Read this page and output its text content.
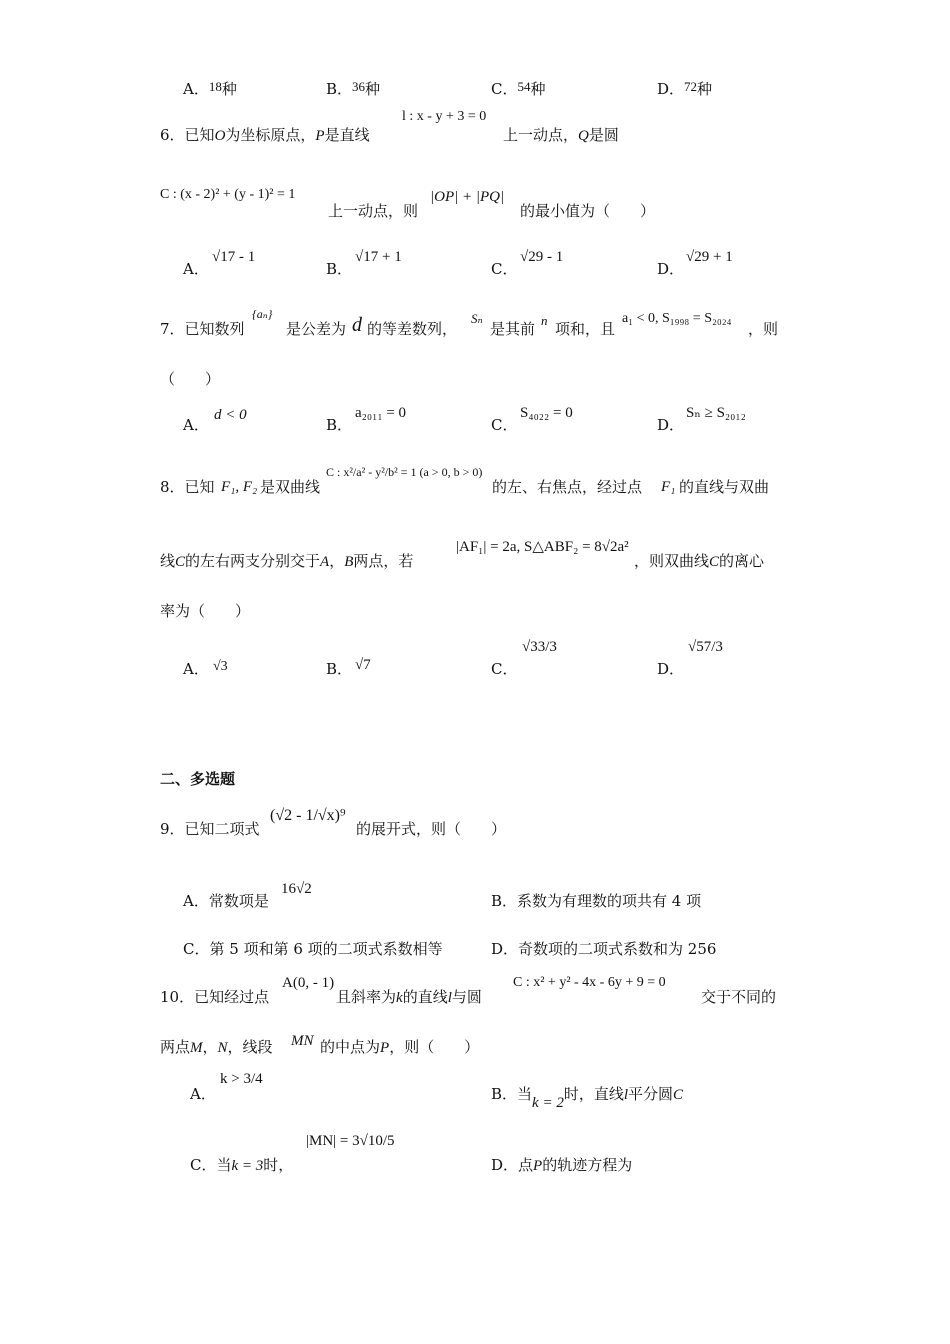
A．18种	B．36种	C．54种	D．72种
6．已知O为坐标原点，P是直线
l : x - y + 3 = 0
上一动点，Q是圆
C : (x - 2)² + (y - 1)² = 1
上一动点，则
|OP| + |PQ|
的最小值为（　　）
A．
√17 - 1
B．
√17 + 1
C．
√29 - 1
D．
√29 + 1
7．已知数列
{aₙ}
是公差为 d 的等差数列，
Sₙ
是其前 n 项和，且
a₁ < 0, S₁₉₉₈ = S₂₀₂₄
，则
（　　）
A．
d < 0
B．
a₂₀₁₁ = 0
C．
S₄₀₂₂ = 0
D．
Sₙ ≥ S₂₀₁₂
8．已知 F₁, F₂ 是双曲线
C : x²/a² - y²/b² = 1 (a > 0, b > 0)
的左、右焦点，经过点 F₁ 的直线与双曲
线C的左右两支分别交于A，B两点，若
|AF₁| = 2a, S△ABF₂ = 8√2a²
，则双曲线C的离心
率为（　　）
A． √3	B． √7	C．
√33/3
D．
√57/3
二、多选题
9．已知二项式
(√2 - 1/√x)⁹
的展开式，则（　　）
A．常数项是
16√2
B．系数为有理数的项共有 4 项
C．第 5 项和第 6 项的二项式系数相等	D．奇数项的二项式系数和为 256
10．已知经过点
A(0, - 1)
且斜率为k的直线l与圆
C : x² + y² - 4x - 6y + 9 = 0
交于不同的
两点M，N，线段 MN 的中点为P，则（　　）
A．
k > 3/4
B．当k = 2时，直线l平分圆C
C．当k = 3时，
|MN| = 3√10/5
D．点P的轨迹方程为
